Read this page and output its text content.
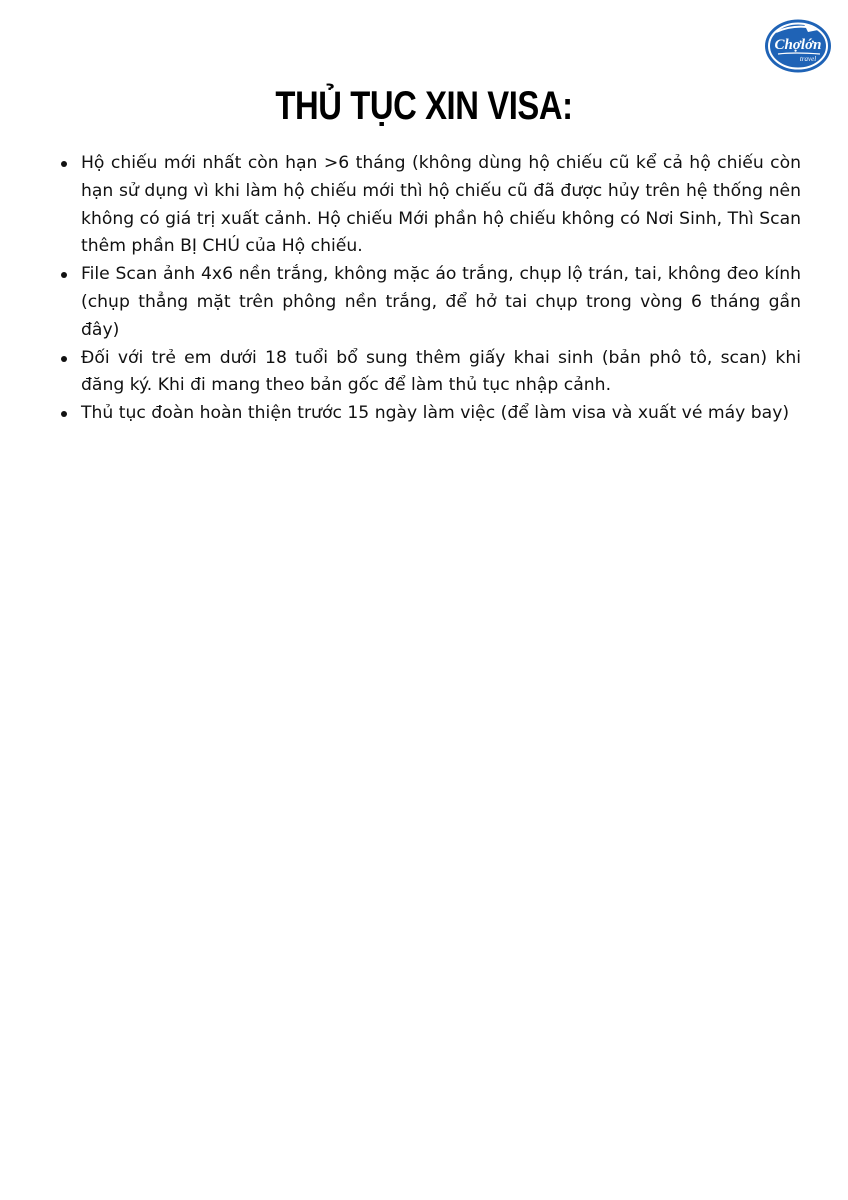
Chợlớn
travel
THỦ TỤC XIN VISA:
Hộ chiếu mới nhất còn hạn >6 tháng (không dùng hộ chiếu cũ kể cả hộ chiếu còn hạn sử dụng vì khi làm hộ chiếu mới thì hộ chiếu cũ đã được hủy trên hệ thống nên không có giá trị xuất cảnh. Hộ chiếu Mới phần hộ chiếu không có Nơi Sinh, Thì Scan thêm phần BỊ CHÚ của Hộ chiếu.
File Scan ảnh 4x6 nền trắng, không mặc áo trắng, chụp lộ trán, tai, không đeo kính (chụp thẳng mặt trên phông nền trắng, để hở tai chụp trong vòng 6 tháng gần đây)
Đối với trẻ em dưới 18 tuổi bổ sung thêm giấy khai sinh (bản phô tô, scan) khi đăng ký. Khi đi mang theo bản gốc để làm thủ tục nhập cảnh.
Thủ tục đoàn hoàn thiện trước 15 ngày làm việc (để làm visa và xuất vé máy bay)
